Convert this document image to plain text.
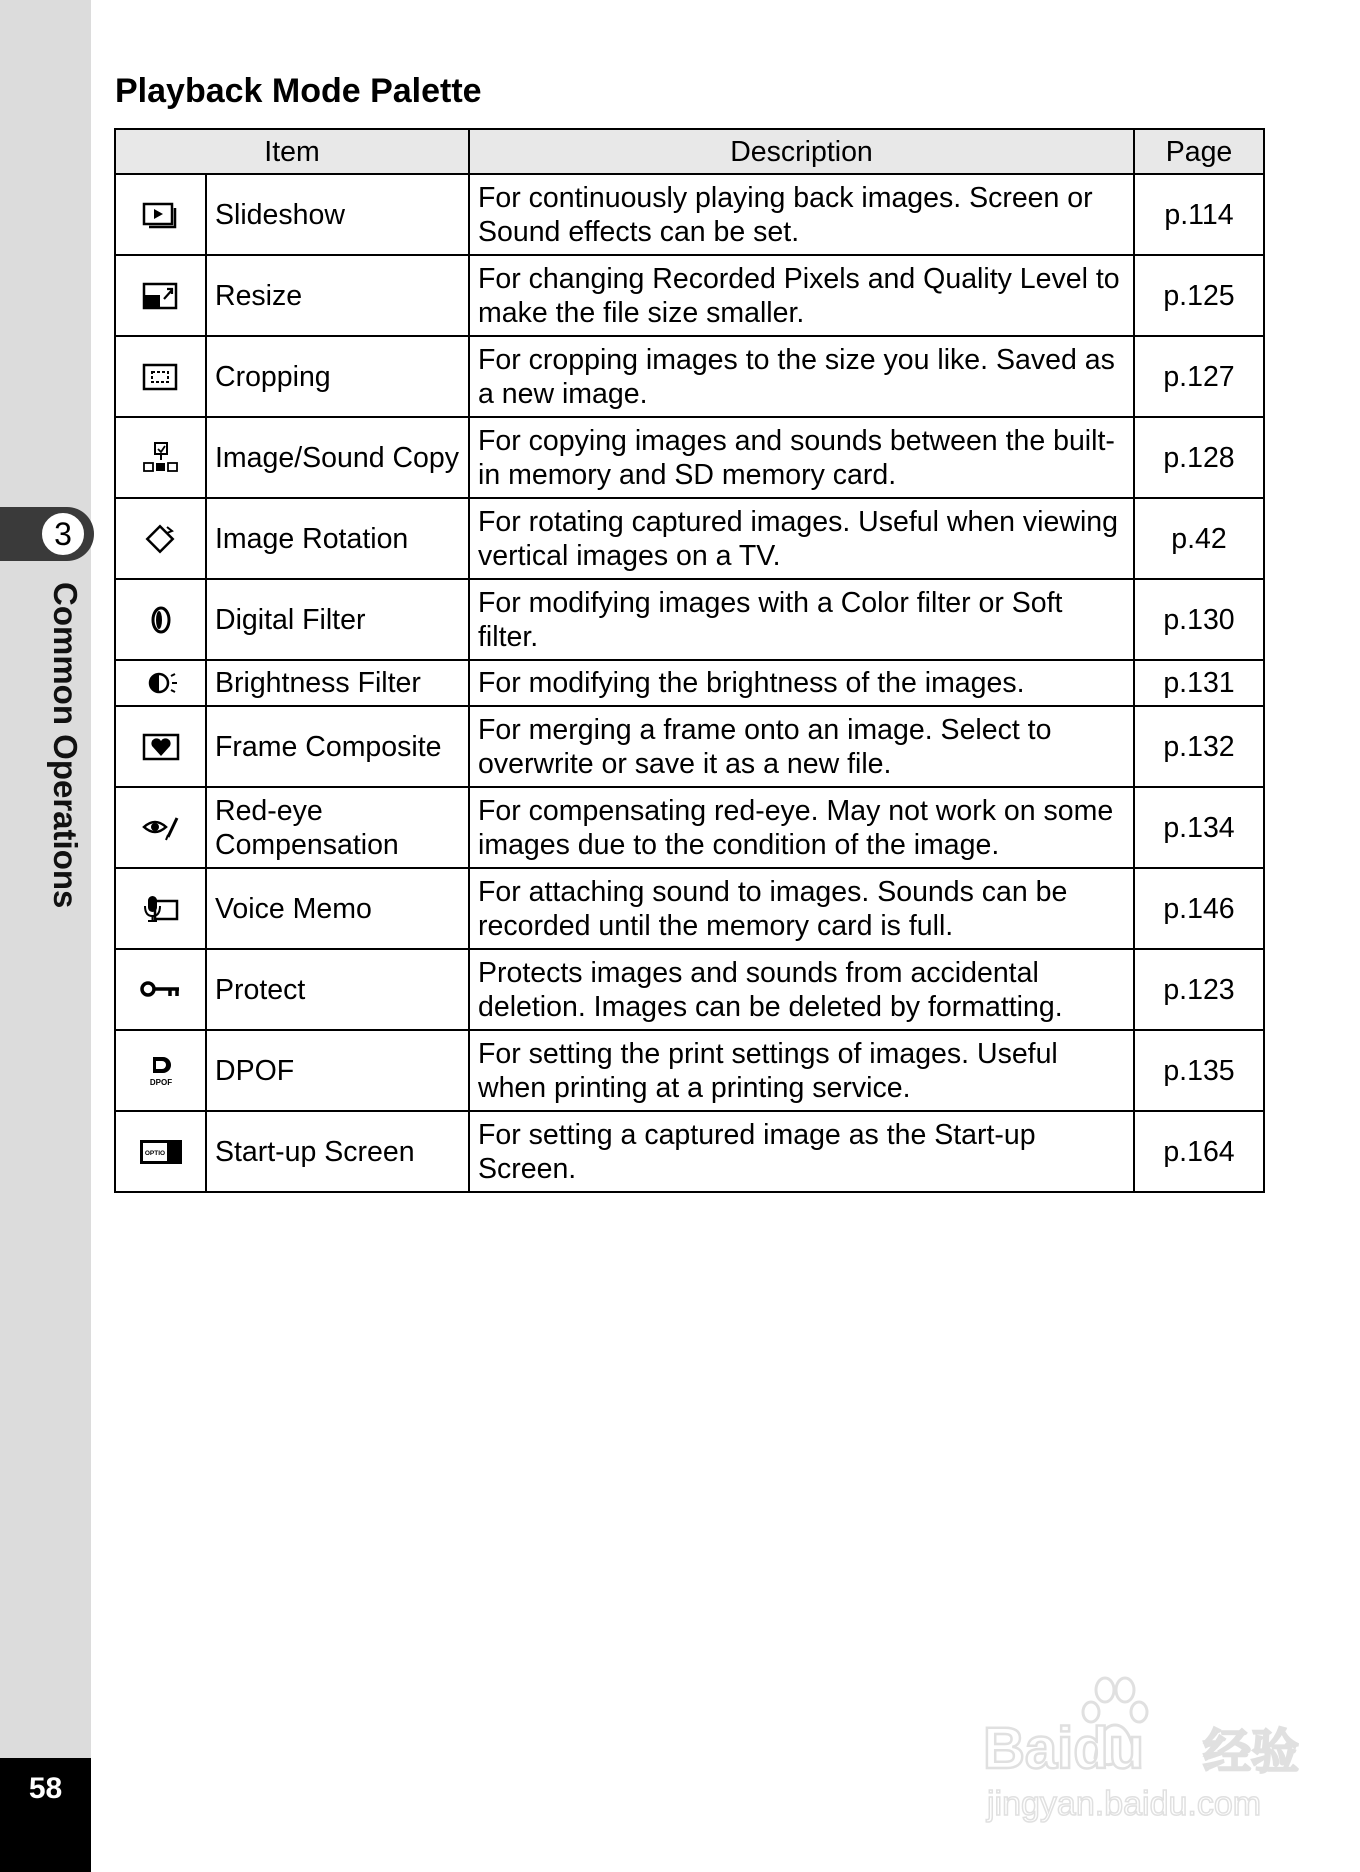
3
Common Operations
58
Playback Mode Palette
Item		Description	Page

	Slideshow	For continuously playing back images. Screen or Sound effects can be set.	p.114

	Resize	For changing Recorded Pixels and Quality Level to make the file size smaller.	p.125

	Cropping	For cropping images to the size you like. Saved as a new image.	p.127

	Image/Sound Copy	For copying images and sounds between the built-in memory and SD memory card.	p.128

	Image Rotation	For rotating captured images. Useful when viewing vertical images on a TV.	p.42

	Digital Filter	For modifying images with a Color filter or Soft filter.	p.130

	Brightness Filter	For modifying the brightness of the images.	p.131

	Frame Composite	For merging a frame onto an image. Select to overwrite or save it as a new file.	p.132

	Red-eye Compensation	For compensating red-eye. May not work on some images due to the condition of the image.	p.134

	Voice Memo	For attaching sound to images. Sounds can be recorded until the memory card is full.	p.146

	Protect	Protects images and sounds from accidental deletion. Images can be deleted by formatting.	p.123

DPOF	DPOF	For setting the print settings of images. Useful when printing at a printing service.	p.135

OPTIO	Start-up Screen	For setting a captured image as the Start-up Screen.	p.164
Baidu 经验
jingyan.baidu.com
